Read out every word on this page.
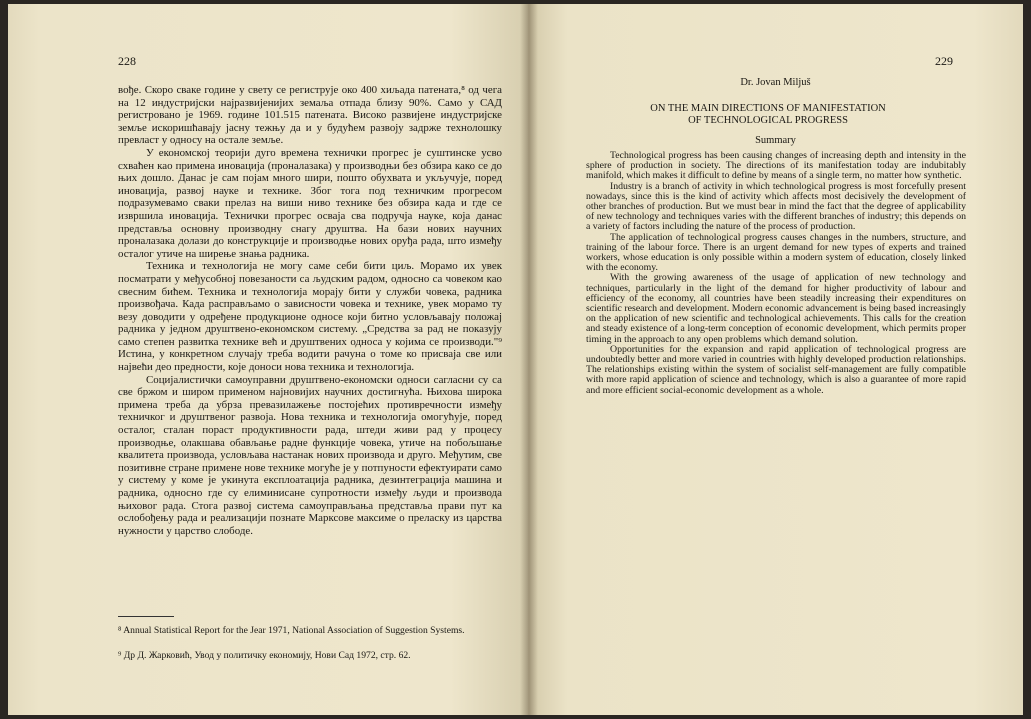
228

вође. Скоро сваке године у свету се региструје око 400 хиљада патената,⁸ од чега на 12 индустријски најразвијенијих земаља отпада близу 90%. Само у САД регистровано је 1969. године 101.515 патената. Високо развијене индустријске земље искоришћавају јасну тежњу да и у будућем развоју задрже технолошку превласт у односу на остале земље.

У економској теорији дуго времена технички прогрес је суштинске усво схваћен као примена иновација (проналазака) у производњи без обзира како се до њих дошло. Данас је сам појам много шири, пошто обухвата и укључује, поред иновација, развој науке и технике. Због тога под техничким прогресом подразумевамо сваки прелаз на виши ниво технике без обзира када и где се извршила иновација. Технички прогрес осваја сва подручја науке, која данас представља основну производну снагу друштва. На бази нових научних проналазака долази до конструкције и производње нових оруђа рада, што између осталог утиче на ширење знања радника.

Техника и технологија не могу саме себи бити циљ. Морамо их увек посматрати у међусобној повезаности са људским радом, односно са човеком као свесним бићем. Техника и технологија морају бити у служби човека, радника произвођача. Када расправљамо о зависности човека и технике, увек морамо ту везу доводити у одређене продукционе односе који битно условљавају положај радника у једном друштвено-економском систему. „Средства за рад не показују само степен развитка технике већ и друштвених односа у којима се производи."⁹ Истина, у конкретном случају треба водити рачуна о томе ко присваја све или највећи део предности, које доноси нова техника и технологија.

Социјалистички самоуправни друштвено-економски односи сагласни су са све бржом и широм применом најновијих научних достигнућа. Њихова широка примена треба да убрза превазилажење постојећих противречности између техничког и друштвеног развоја. Нова техника и технологија омогућује, поред осталог, сталан пораст продуктивности рада, штеди живи рад у процесу производње, олакшава обављање радне функције човека, утиче на побољшање квалитета производа, условљава настанак нових производа и друго. Међутим, све позитивне стране примене нове технике могуће је у потпуности ефектуирати само у систему у коме је укинута експлоатација радника, дезинтеграција машина и радника, односно где су елиминисане супротности између људи и производа њиховог рада. Стога развој система самоуправљања представља прави пут ка ослобођењу рада и реализацији познате Марксове максиме о преласку из царства нужности у царство слободе.

⁸ Annual Statistical Report for the Jear 1971, National Association of Suggestion Systems.
⁹ Др Д. Жарковић, Увод у политичку економију, Нови Сад 1972, стр. 62.
229
Dr. Jovan Miljuš
ON THE MAIN DIRECTIONS OF MANIFESTATION
OF TECHNOLOGICAL PROGRESS
Summary

Technological progress has been causing changes of increasing depth and intensity in the sphere of production in society. The directions of its manifestation today are indubitably manifold, which makes it difficult to define by means of a single term, no matter how synthetic.

Industry is a branch of activity in which technological progress is most forcefully present nowadays, since this is the kind of activity which affects most decisively the development of other branches of production. But we must bear in mind the fact that the degree of applicability of new technology and techniques varies with the different branches of industry; this depends on a variety of factors including the nature of the process of production.

The application of technological progress causes changes in the numbers, structure, and training of the labour force. There is an urgent demand for new types of experts and trained workers, whose education is only possible within a modern system of education, closely linked with the economy.

With the growing awareness of the usage of application of new technology and techniques, particularly in the light of the demand for higher productivity of labour and efficiency of the economy, all countries have been steadily increasing their expenditures on scientific research and development. Modern economic advancement is being based increasingly on the application of new scientific and technological achievements. This calls for the creation and steady existence of a long-term conception of economic development, which permits proper timing in the approach to any open problems which demand solution.

Opportunities for the expansion and rapid application of technological progress are undoubtedly better and more varied in countries with highly developed production relationships. The relationships existing within the system of socialist self-management are fully compatible with more rapid application of science and technology, which is also a guarantee of more rapid and more efficient social-economic development as a whole.
